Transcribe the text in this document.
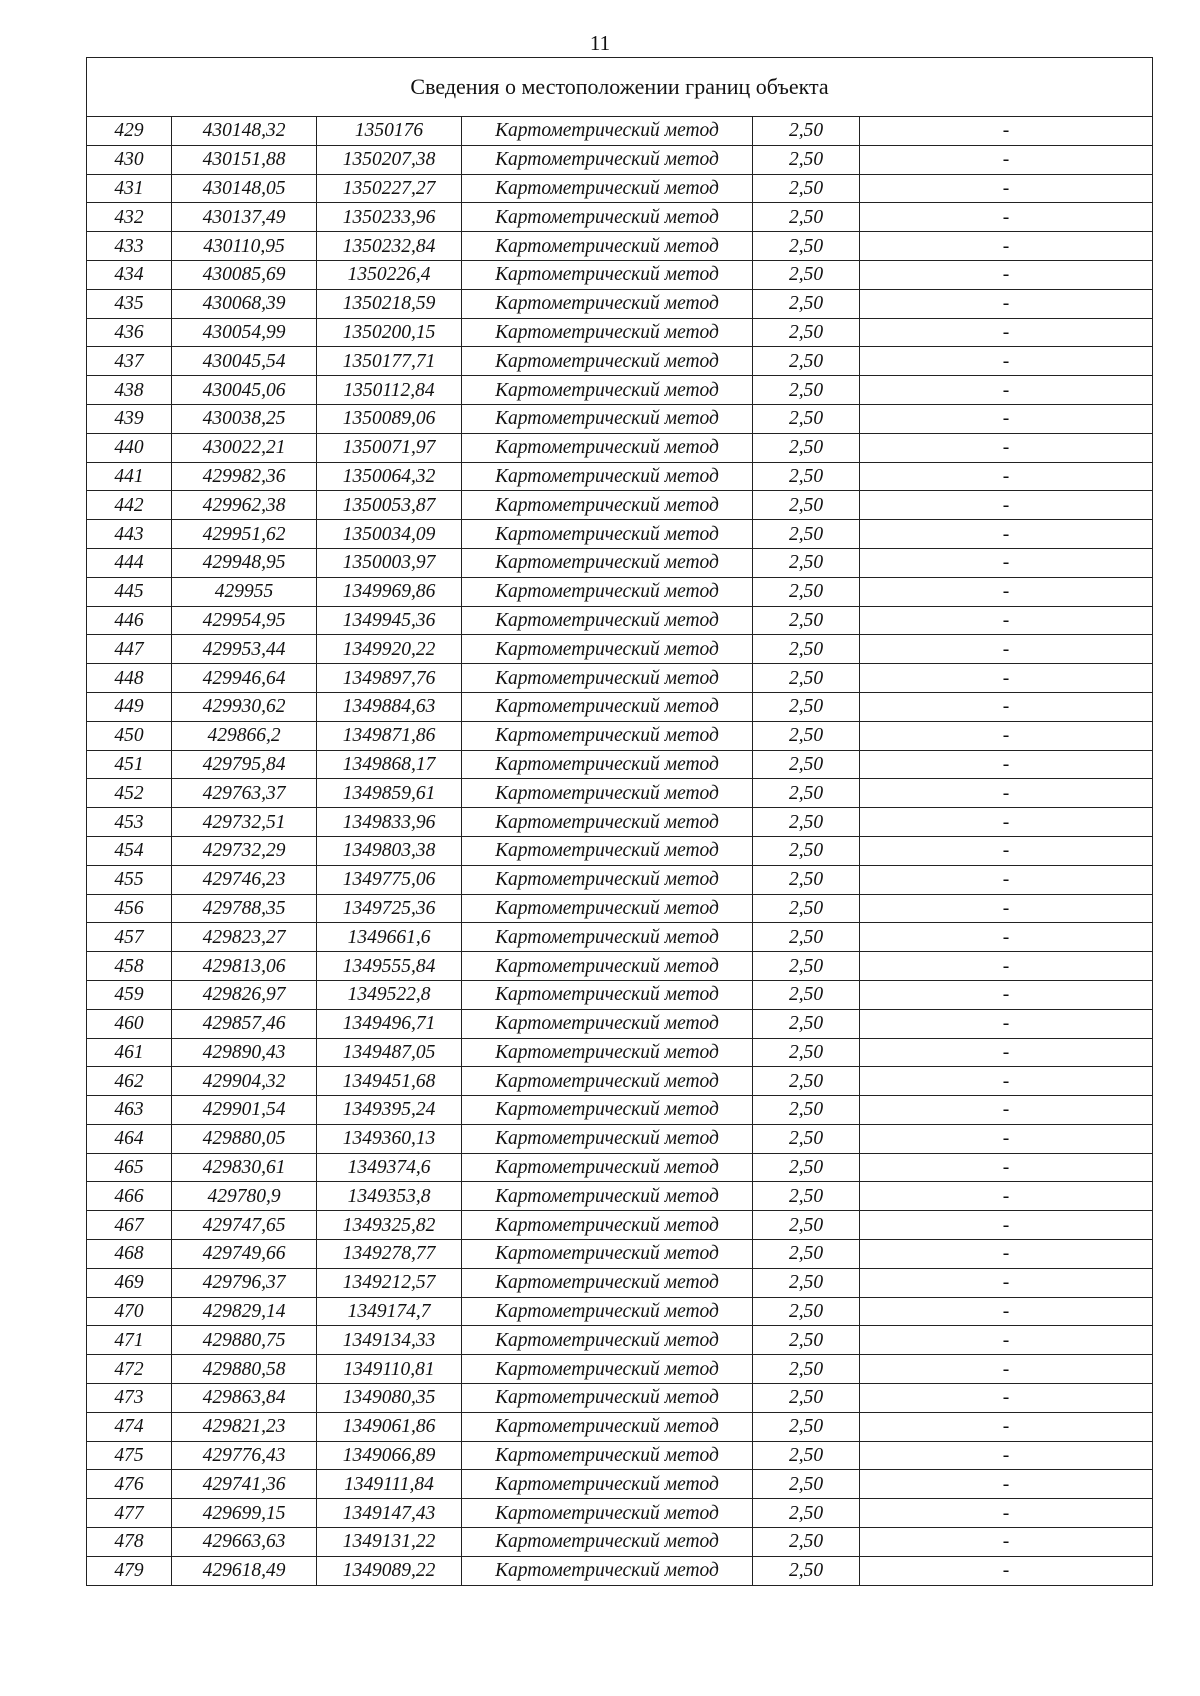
11
Сведения о местоположении границ объекта					
429	430148,32	1350176	Картометрический метод	2,50	-
430	430151,88	1350207,38	Картометрический метод	2,50	-
431	430148,05	1350227,27	Картометрический метод	2,50	-
432	430137,49	1350233,96	Картометрический метод	2,50	-
433	430110,95	1350232,84	Картометрический метод	2,50	-
434	430085,69	1350226,4	Картометрический метод	2,50	-
435	430068,39	1350218,59	Картометрический метод	2,50	-
436	430054,99	1350200,15	Картометрический метод	2,50	-
437	430045,54	1350177,71	Картометрический метод	2,50	-
438	430045,06	1350112,84	Картометрический метод	2,50	-
439	430038,25	1350089,06	Картометрический метод	2,50	-
440	430022,21	1350071,97	Картометрический метод	2,50	-
441	429982,36	1350064,32	Картометрический метод	2,50	-
442	429962,38	1350053,87	Картометрический метод	2,50	-
443	429951,62	1350034,09	Картометрический метод	2,50	-
444	429948,95	1350003,97	Картометрический метод	2,50	-
445	429955	1349969,86	Картометрический метод	2,50	-
446	429954,95	1349945,36	Картометрический метод	2,50	-
447	429953,44	1349920,22	Картометрический метод	2,50	-
448	429946,64	1349897,76	Картометрический метод	2,50	-
449	429930,62	1349884,63	Картометрический метод	2,50	-
450	429866,2	1349871,86	Картометрический метод	2,50	-
451	429795,84	1349868,17	Картометрический метод	2,50	-
452	429763,37	1349859,61	Картометрический метод	2,50	-
453	429732,51	1349833,96	Картометрический метод	2,50	-
454	429732,29	1349803,38	Картометрический метод	2,50	-
455	429746,23	1349775,06	Картометрический метод	2,50	-
456	429788,35	1349725,36	Картометрический метод	2,50	-
457	429823,27	1349661,6	Картометрический метод	2,50	-
458	429813,06	1349555,84	Картометрический метод	2,50	-
459	429826,97	1349522,8	Картометрический метод	2,50	-
460	429857,46	1349496,71	Картометрический метод	2,50	-
461	429890,43	1349487,05	Картометрический метод	2,50	-
462	429904,32	1349451,68	Картометрический метод	2,50	-
463	429901,54	1349395,24	Картометрический метод	2,50	-
464	429880,05	1349360,13	Картометрический метод	2,50	-
465	429830,61	1349374,6	Картометрический метод	2,50	-
466	429780,9	1349353,8	Картометрический метод	2,50	-
467	429747,65	1349325,82	Картометрический метод	2,50	-
468	429749,66	1349278,77	Картометрический метод	2,50	-
469	429796,37	1349212,57	Картометрический метод	2,50	-
470	429829,14	1349174,7	Картометрический метод	2,50	-
471	429880,75	1349134,33	Картометрический метод	2,50	-
472	429880,58	1349110,81	Картометрический метод	2,50	-
473	429863,84	1349080,35	Картометрический метод	2,50	-
474	429821,23	1349061,86	Картометрический метод	2,50	-
475	429776,43	1349066,89	Картометрический метод	2,50	-
476	429741,36	1349111,84	Картометрический метод	2,50	-
477	429699,15	1349147,43	Картометрический метод	2,50	-
478	429663,63	1349131,22	Картометрический метод	2,50	-
479	429618,49	1349089,22	Картометрический метод	2,50	-
